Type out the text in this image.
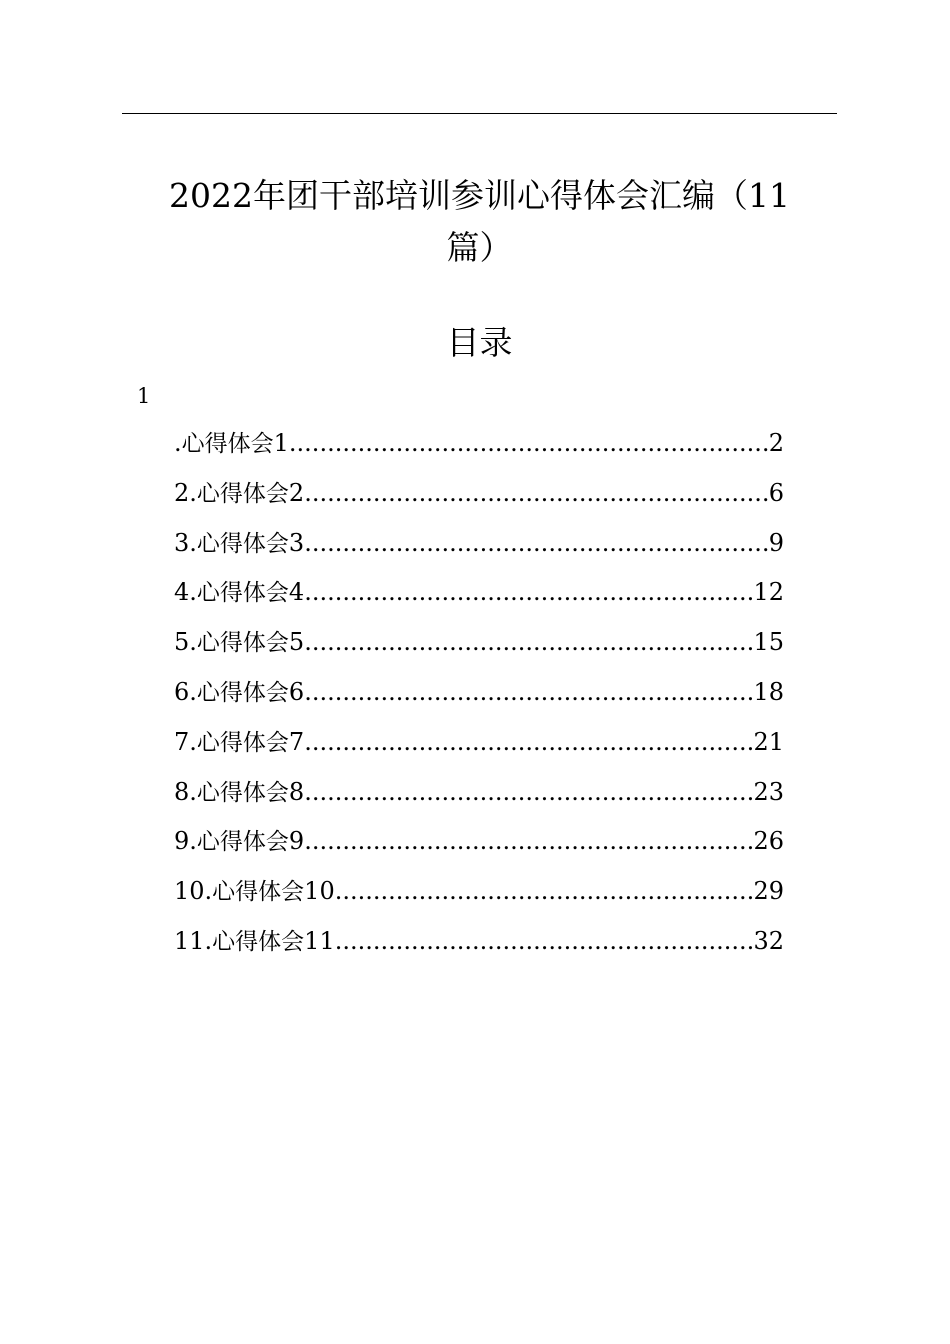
2022年团干部培训参训心得体会汇编（11
篇）
目录
1
.心得体会1 .....	2
2.心得体会2 .....	6
3.心得体会3 .....	9
4.心得体会4 .....	12
5.心得体会5 .....	15
6.心得体会6 .....	18
7.心得体会7 .....	21
8.心得体会8 .....	23
9.心得体会9 .....	26
10.心得体会10 .....	29
11.心得体会11 .....	32
